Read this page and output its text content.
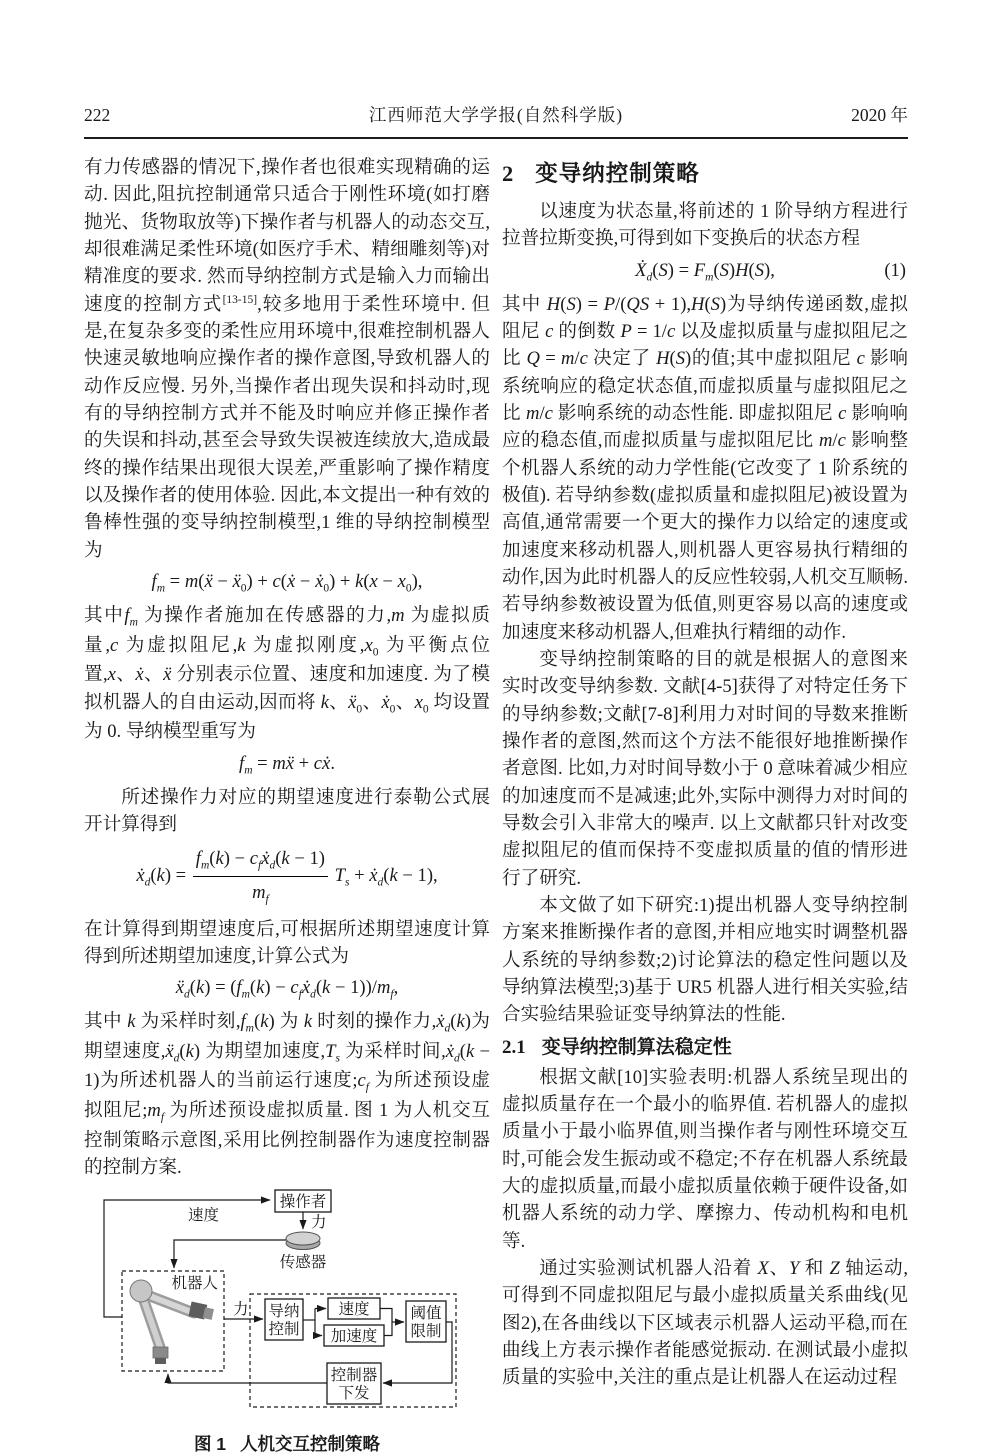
222	江西师范大学学报(自然科学版)	2020 年

有力传感器的情况下,操作者也很难实现精确的运动. 因此,阻抗控制通常只适合于刚性环境(如打磨抛光、货物取放等)下操作者与机器人的动态交互,却很难满足柔性环境(如医疗手术、精细雕刻等)对精准度的要求. 然而导纳控制方式是输入力而输出速度的控制方式[13-15],较多地用于柔性环境中. 但是,在复杂多变的柔性应用环境中,很难控制机器人快速灵敏地响应操作者的操作意图,导致机器人的动作反应慢. 另外,当操作者出现失误和抖动时,现有的导纳控制方式并不能及时响应并修正操作者的失误和抖动,甚至会导致失误被连续放大,造成最终的操作结果出现很大误差,严重影响了操作精度以及操作者的使用体验. 因此,本文提出一种有效的鲁棒性强的变导纳控制模型,1 维的导纳控制模型为

$f_m$ = m(ẍ − ẍ$_0$) + c(ẋ − ẋ$_0$) + $k(x - x_0)$,

其中$f_m$ 为操作者施加在传感器的力,m 为虚拟质量,c 为虚拟阻尼,k 为虚拟刚度$,x_0$ 为平衡点位置,x、ẋ、ẍ 分别表示位置、速度和加速度. 为了模拟机器人的自由运动,因而将 k、ẍ$_0$、ẋ$_0$、$x_0$ 均设置为 0. 导纳模型重写为

$f_m$ = mẍ + cẋ.

所述操作力对应的期望速度进行泰勒公式展开计算得到

ẋ$_d$(k) = $\frac{f_m(k) - c_fẋ_d(k - 1)}{m_f} T_s$ + ẋ$_d$(k − 1),

在计算得到期望速度后,可根据所述期望速度计算得到所述期望加速度,计算公式为

ẍ$_d$(k) = ($f_m(k)$ − $c_fẋ_d(k - 1))/m_f$,

其中 k 为采样时刻$,f_m(k)$ 为 k 时刻的操作力,ẋ$_d$(k)为期望速度,ẍ$_d$(k) 为期望加速度$,T_s$ 为采样时间,ẋ$_d$(k − 1)为所述机器人的当前运行速度$;c_f$ 为所述预设虚拟阻尼$;m_f$ 为所述预设虚拟质量. 图 1 为人机交互控制策略示意图,采用比例控制器作为速度控制器的控制方案.

速度
操作者
力
传感器
机器人
力 导纳
控制
速度
加速度
阈值
限制
控制器
下发
图 1 人机交互控制策略
2 变导纳控制策略

以速度为状态量,将前述的 1 阶导纳方程进行拉普拉斯变换,可得到如下变换后的状态方程

Ẋ$_d$(S) = $F_m(S)H(S)$,	(1)

其中 H(S) = P/(QS + 1),H(S)为导纳传递函数,虚拟阻尼 c 的倒数 P = 1/c 以及虚拟质量与虚拟阻尼之比 Q = m/c 决定了 H(S)的值;其中虚拟阻尼 c 影响系统响应的稳定状态值,而虚拟质量与虚拟阻尼之比 m/c 影响系统的动态性能. 即虚拟阻尼 c 影响响应的稳态值,而虚拟质量与虚拟阻尼比 m/c 影响整个机器人系统的动力学性能(它改变了 1 阶系统的极值). 若导纳参数(虚拟质量和虚拟阻尼)被设置为高值,通常需要一个更大的操作力以给定的速度或加速度来移动机器人,则机器人更容易执行精细的动作,因为此时机器人的反应性较弱,人机交互顺畅. 若导纳参数被设置为低值,则更容易以高的速度或加速度来移动机器人,但难执行精细的动作.

变导纳控制策略的目的就是根据人的意图来实时改变导纳参数. 文献[4-5]获得了对特定任务下的导纳参数;文献[7-8]利用力对时间的导数来推断操作者的意图,然而这个方法不能很好地推断操作者意图. 比如,力对时间导数小于 0 意味着减少相应的加速度而不是减速;此外,实际中测得力对时间的导数会引入非常大的噪声. 以上文献都只针对改变虚拟阻尼的值而保持不变虚拟质量的值的情形进行了研究.

本文做了如下研究:1)提出机器人变导纳控制方案来推断操作者的意图,并相应地实时调整机器人系统的导纳参数;2)讨论算法的稳定性问题以及导纳算法模型;3)基于 UR5 机器人进行相关实验,结合实验结果验证变导纳算法的性能.

2.1 变导纳控制算法稳定性

根据文献[10]实验表明:机器人系统呈现出的虚拟质量存在一个最小的临界值. 若机器人的虚拟质量小于最小临界值,则当操作者与刚性环境交互时,可能会发生振动或不稳定;不存在机器人系统最大的虚拟质量,而最小虚拟质量依赖于硬件设备,如机器人系统的动力学、摩擦力、传动机构和电机等.

通过实验测试机器人沿着 X、Y 和 Z 轴运动,可得到不同虚拟阻尼与最小虚拟质量关系曲线(见图2),在各曲线以下区域表示机器人运动平稳,而在曲线上方表示操作者能感觉振动. 在测试最小虚拟质量的实验中,关注的重点是让机器人在运动过程
